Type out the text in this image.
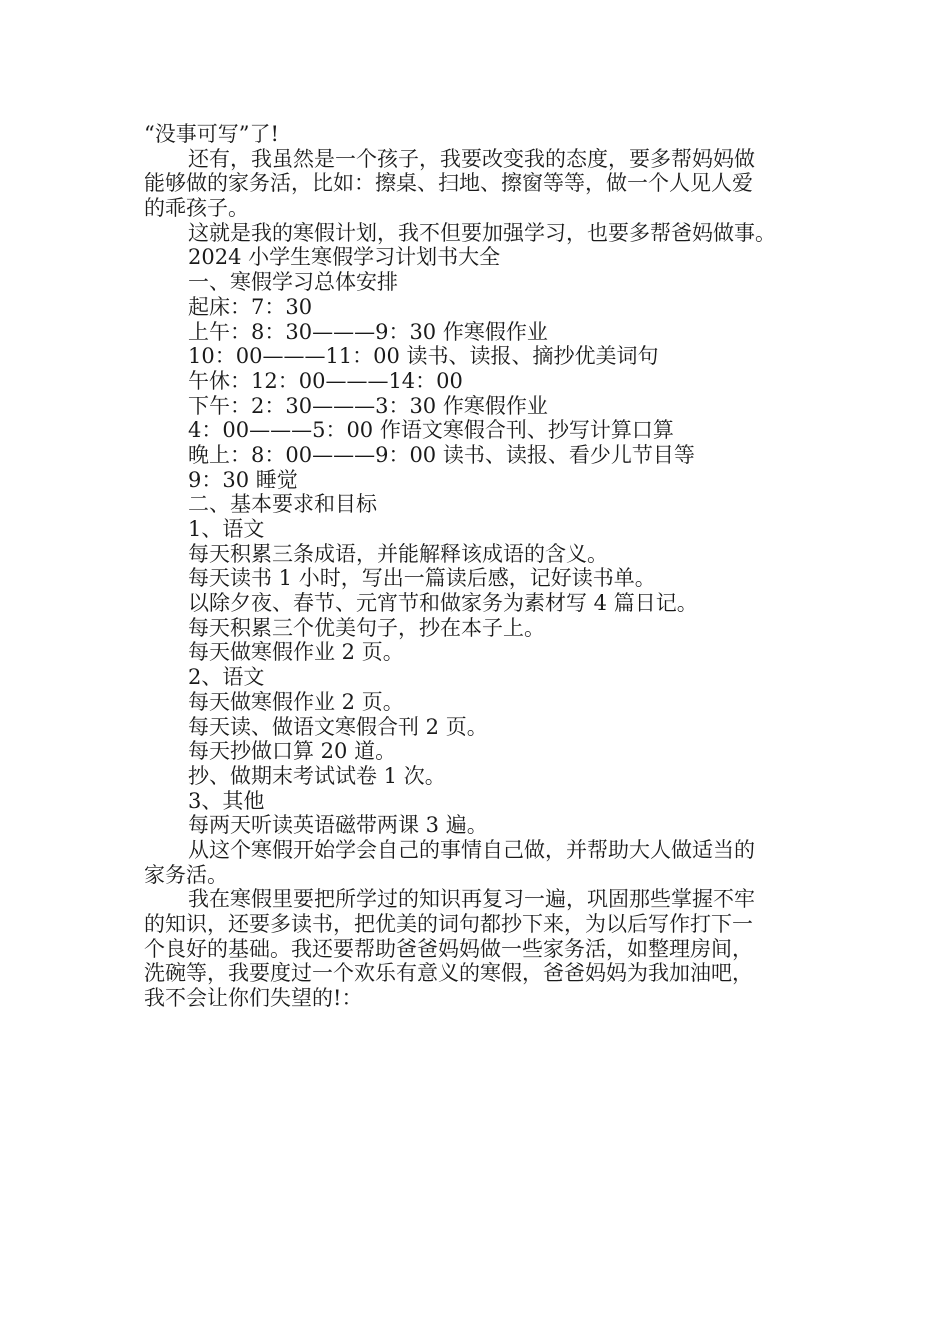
“没事可写”了!
还有，我虽然是一个孩子，我要改变我的态度，要多帮妈妈做
能够做的家务活，比如：擦桌、扫地、擦窗等等，做一个人见人爱
的乖孩子。
这就是我的寒假计划，我不但要加强学习，也要多帮爸妈做事。
2024 小学生寒假学习计划书大全
一、寒假学习总体安排
起床：7：30
上午：8：30———9：30 作寒假作业
10：00———11：00 读书、读报、摘抄优美词句
午休：12：00———14：00
下午：2：30———3：30 作寒假作业
4：00———5：00 作语文寒假合刊、抄写计算口算
晚上：8：00———9：00 读书、读报、看少儿节目等
9：30 睡觉
二、基本要求和目标
1、语文
每天积累三条成语，并能解释该成语的含义。
每天读书 1 小时，写出一篇读后感，记好读书单。
以除夕夜、春节、元宵节和做家务为素材写 4 篇日记。
每天积累三个优美句子，抄在本子上。
每天做寒假作业 2 页。
2、语文
每天做寒假作业 2 页。
每天读、做语文寒假合刊 2 页。
每天抄做口算 20 道。
抄、做期末考试试卷 1 次。
3、其他
每两天听读英语磁带两课 3 遍。
从这个寒假开始学会自己的事情自己做，并帮助大人做适当的
家务活。
我在寒假里要把所学过的知识再复习一遍，巩固那些掌握不牢
的知识，还要多读书，把优美的词句都抄下来，为以后写作打下一
个良好的基础。我还要帮助爸爸妈妈做一些家务活，如整理房间，
洗碗等，我要度过一个欢乐有意义的寒假，爸爸妈妈为我加油吧，
我不会让你们失望的!：
